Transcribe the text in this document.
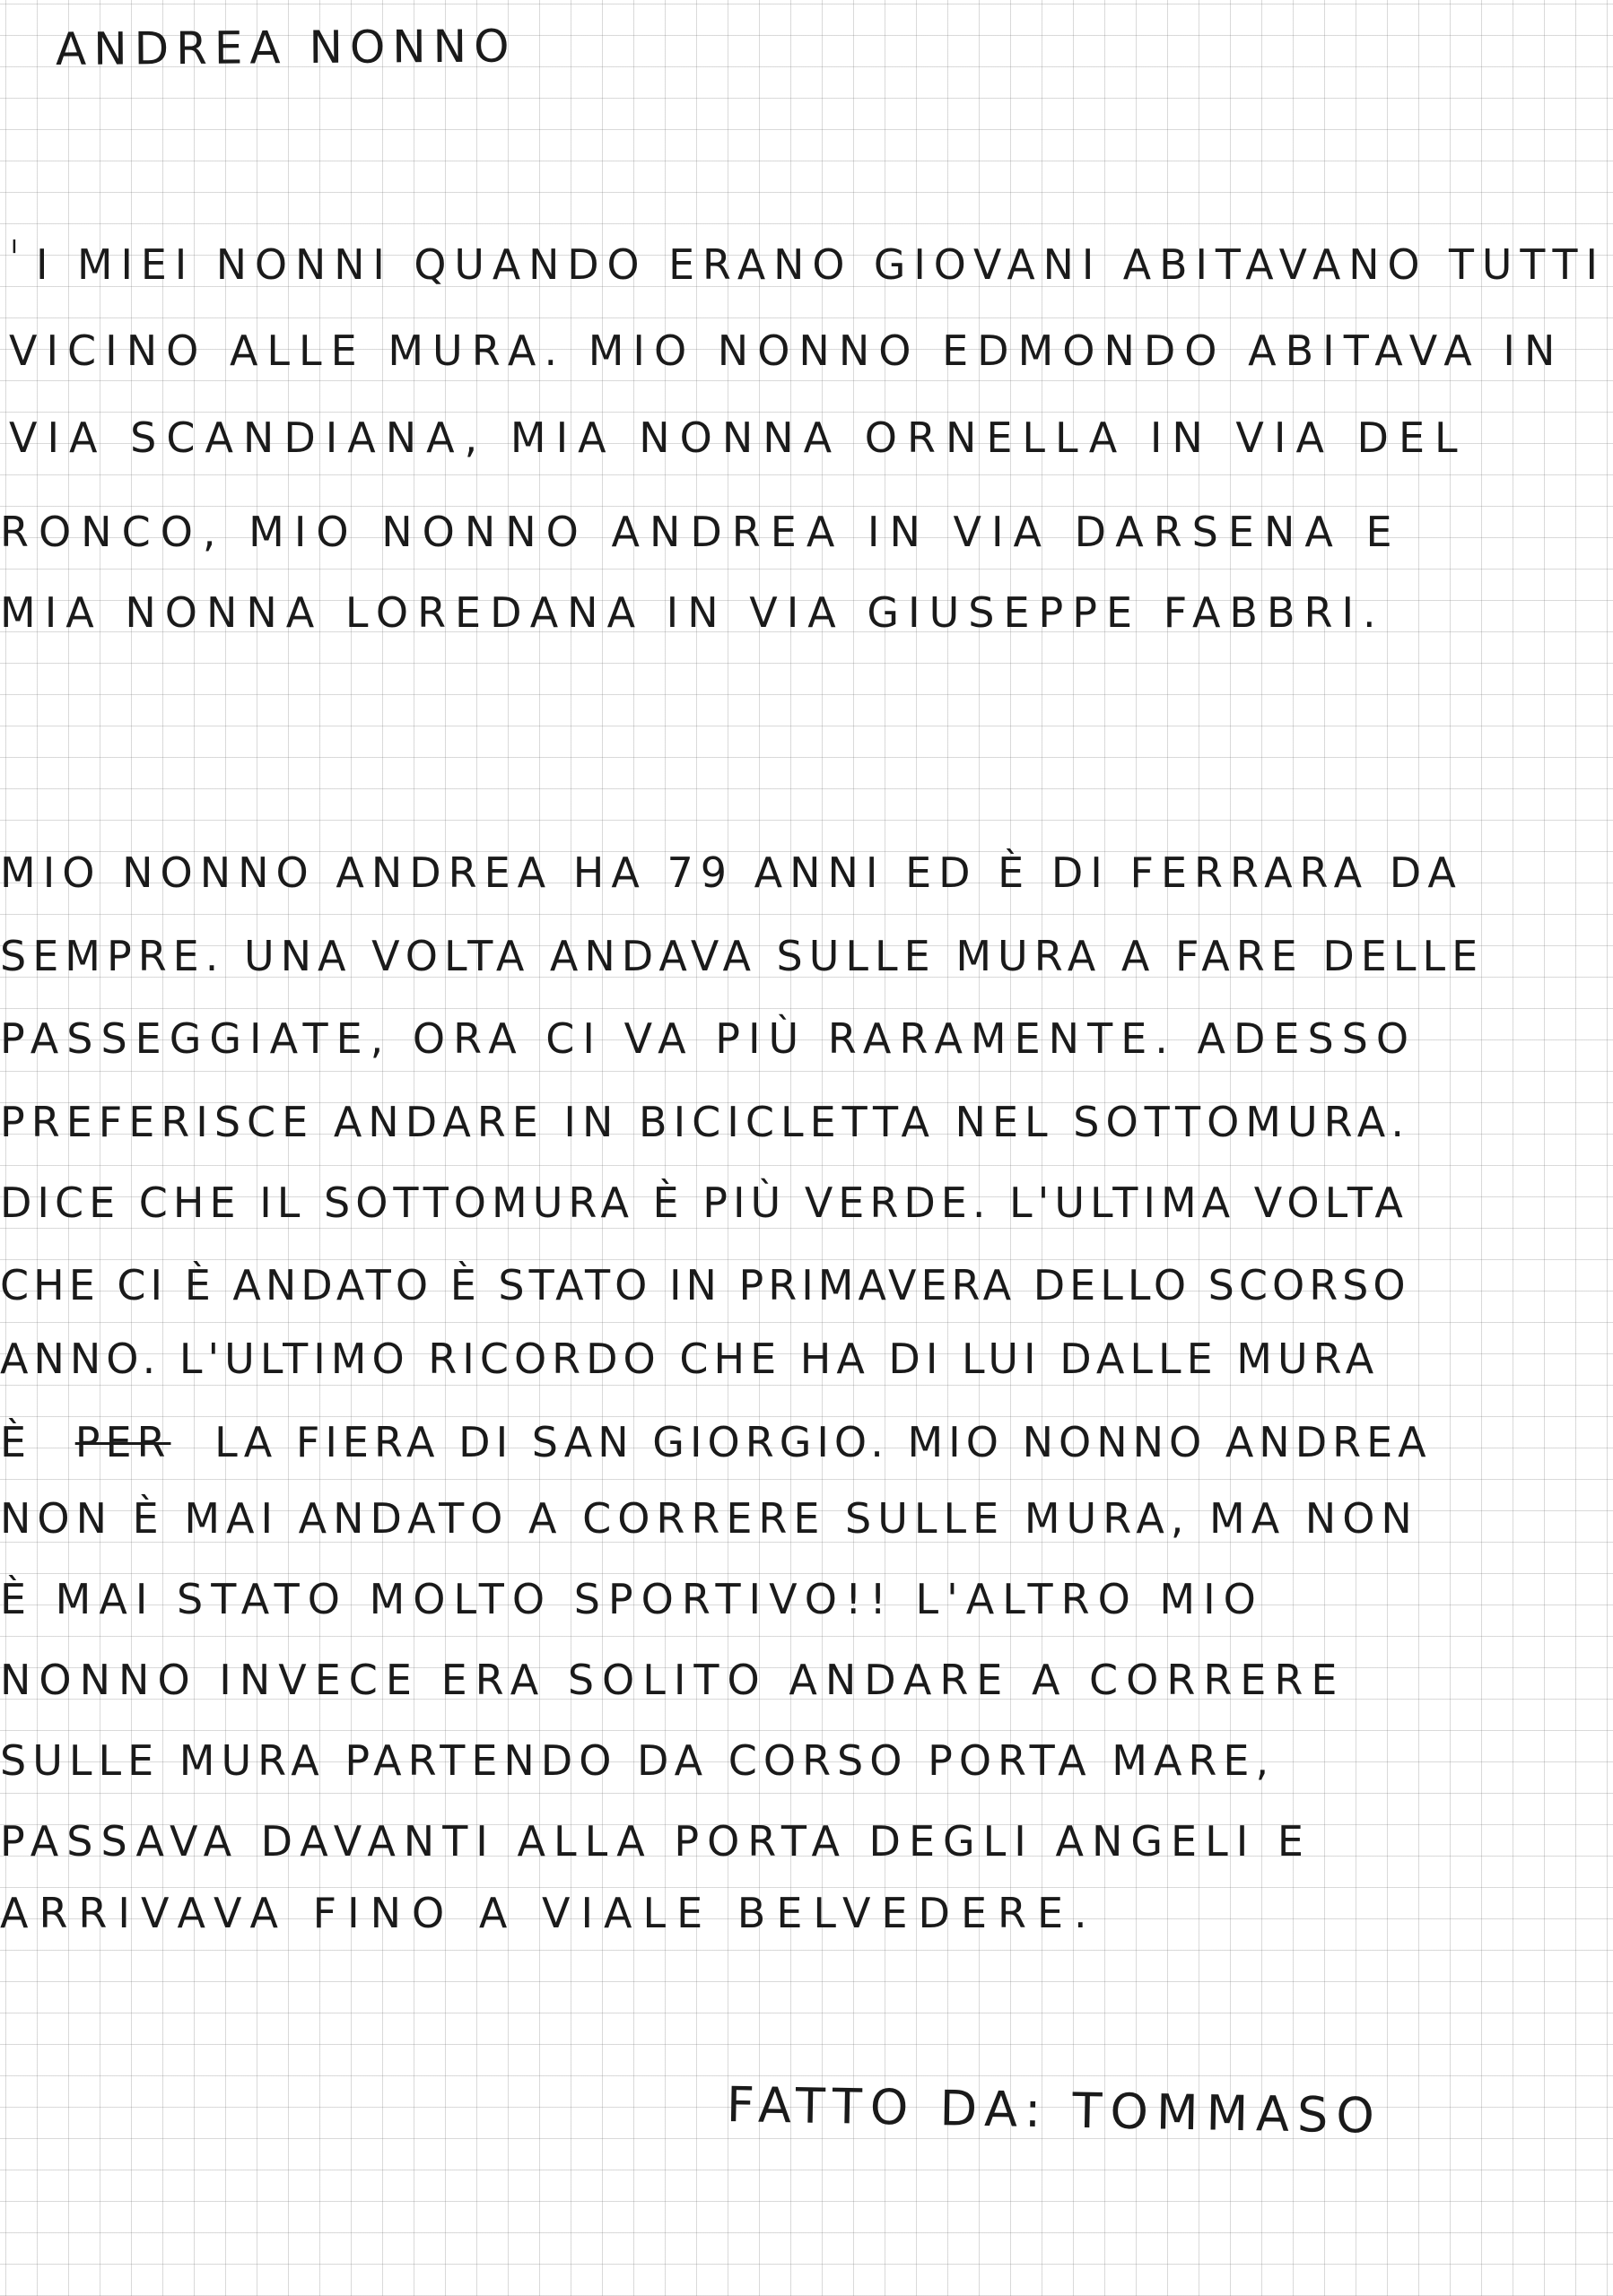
ı
ANDREA NONNO
I MIEI NONNI QUANDO ERANO GIOVANI ABITAVANO TUTTI
VICINO ALLE MURA. MIO NONNO EDMONDO ABITAVA IN
VIA SCANDIANA, MIA NONNA ORNELLA IN VIA DEL
RONCO, MIO NONNO ANDREA IN VIA DARSENA E
MIA NONNA LOREDANA IN VIA GIUSEPPE FABBRI.
MIO NONNO ANDREA HA 79 ANNI ED È DI FERRARA DA
SEMPRE. UNA VOLTA ANDAVA SULLE MURA A FARE DELLE
PASSEGGIATE, ORA CI VA PIÙ RARAMENTE. ADESSO
PREFERISCE ANDARE IN BICICLETTA NEL SOTTOMURA.
DICE CHE IL SOTTOMURA È PIÙ VERDE. L'ULTIMA VOLTA
CHE CI È ANDATO È STATO IN PRIMAVERA DELLO SCORSO
ANNO. L'ULTIMO RICORDO CHE HA DI LUI DALLE MURA
È PER LA FIERA DI SAN GIORGIO. MIO NONNO ANDREA
NON È MAI ANDATO A CORRERE SULLE MURA, MA NON
È MAI STATO MOLTO SPORTIVO!! L'ALTRO MIO
NONNO INVECE ERA SOLITO ANDARE A CORRERE
SULLE MURA PARTENDO DA CORSO PORTA MARE,
PASSAVA DAVANTI ALLA PORTA DEGLI ANGELI E
ARRIVAVA FINO A VIALE BELVEDERE.
FATTO DA: TOMMASO
